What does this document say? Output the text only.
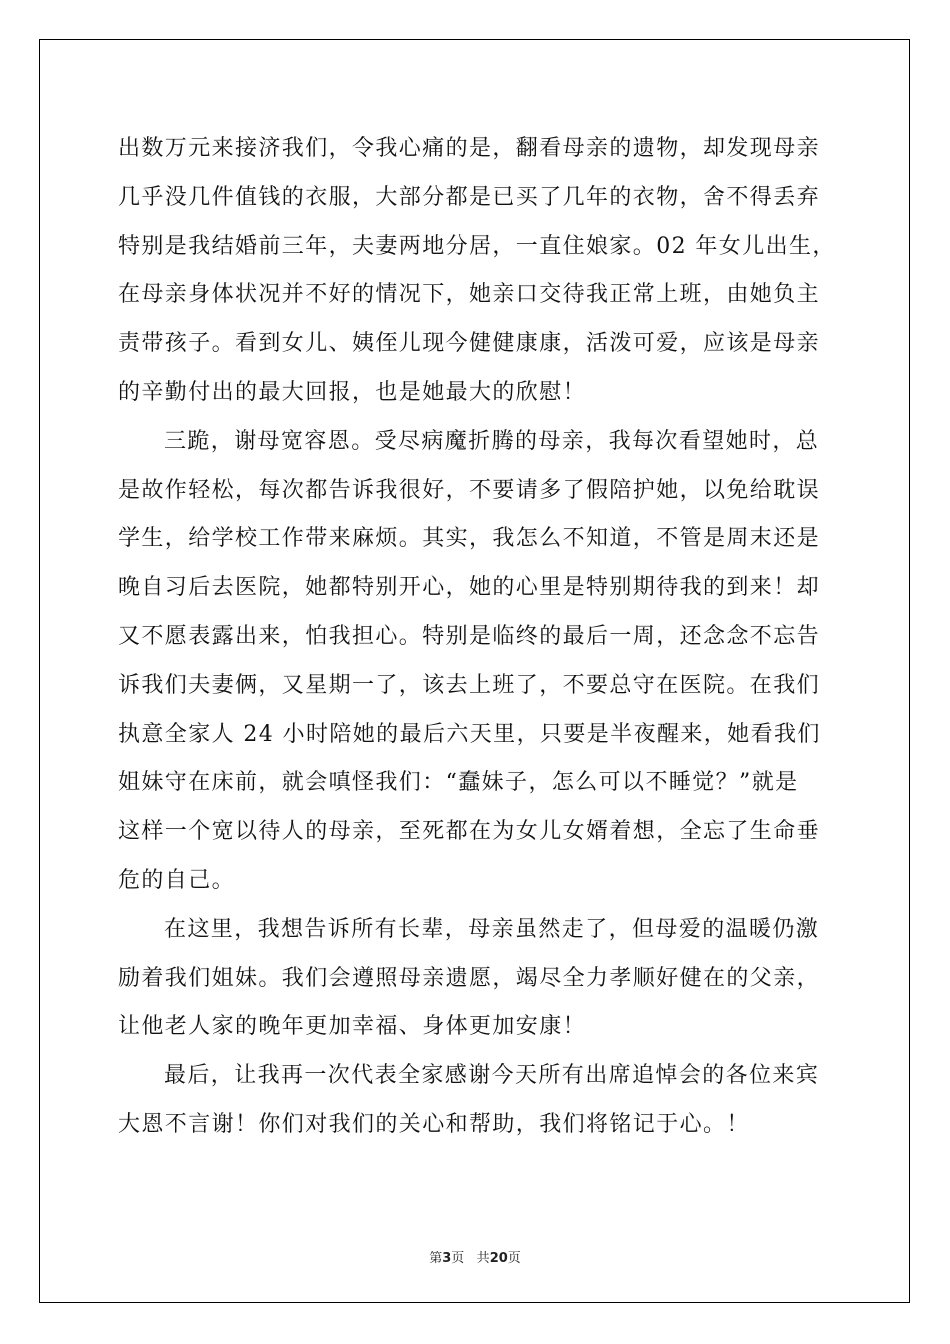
出数万元来接济我们，令我心痛的是，翻看母亲的遗物，却发现母亲
几乎没几件值钱的衣服，大部分都是已买了几年的衣物，舍不得丢弃
特别是我结婚前三年，夫妻两地分居，一直住娘家。02 年女儿出生，
在母亲身体状况并不好的情况下，她亲口交待我正常上班，由她负主
责带孩子。看到女儿、姨侄儿现今健健康康，活泼可爱，应该是母亲
的辛勤付出的最大回报，也是她最大的欣慰！
三跪，谢母宽容恩。受尽病魔折腾的母亲，我每次看望她时，总
是故作轻松，每次都告诉我很好，不要请多了假陪护她，以免给耽误
学生，给学校工作带来麻烦。其实，我怎么不知道，不管是周末还是
晚自习后去医院，她都特别开心，她的心里是特别期待我的到来！却
又不愿表露出来，怕我担心。特别是临终的最后一周，还念念不忘告
诉我们夫妻俩，又星期一了，该去上班了，不要总守在医院。在我们
执意全家人 24 小时陪她的最后六天里，只要是半夜醒来，她看我们
姐妹守在床前，就会嗔怪我们：“蠢妹子，怎么可以不睡觉？”就是
这样一个宽以待人的母亲，至死都在为女儿女婿着想，全忘了生命垂
危的自己。
在这里，我想告诉所有长辈，母亲虽然走了，但母爱的温暖仍激
励着我们姐妹。我们会遵照母亲遗愿，竭尽全力孝顺好健在的父亲，
让他老人家的晚年更加幸福、身体更加安康！
最后，让我再一次代表全家感谢今天所有出席追悼会的各位来宾
大恩不言谢！你们对我们的关心和帮助，我们将铭记于心。！
第3页 共20页
